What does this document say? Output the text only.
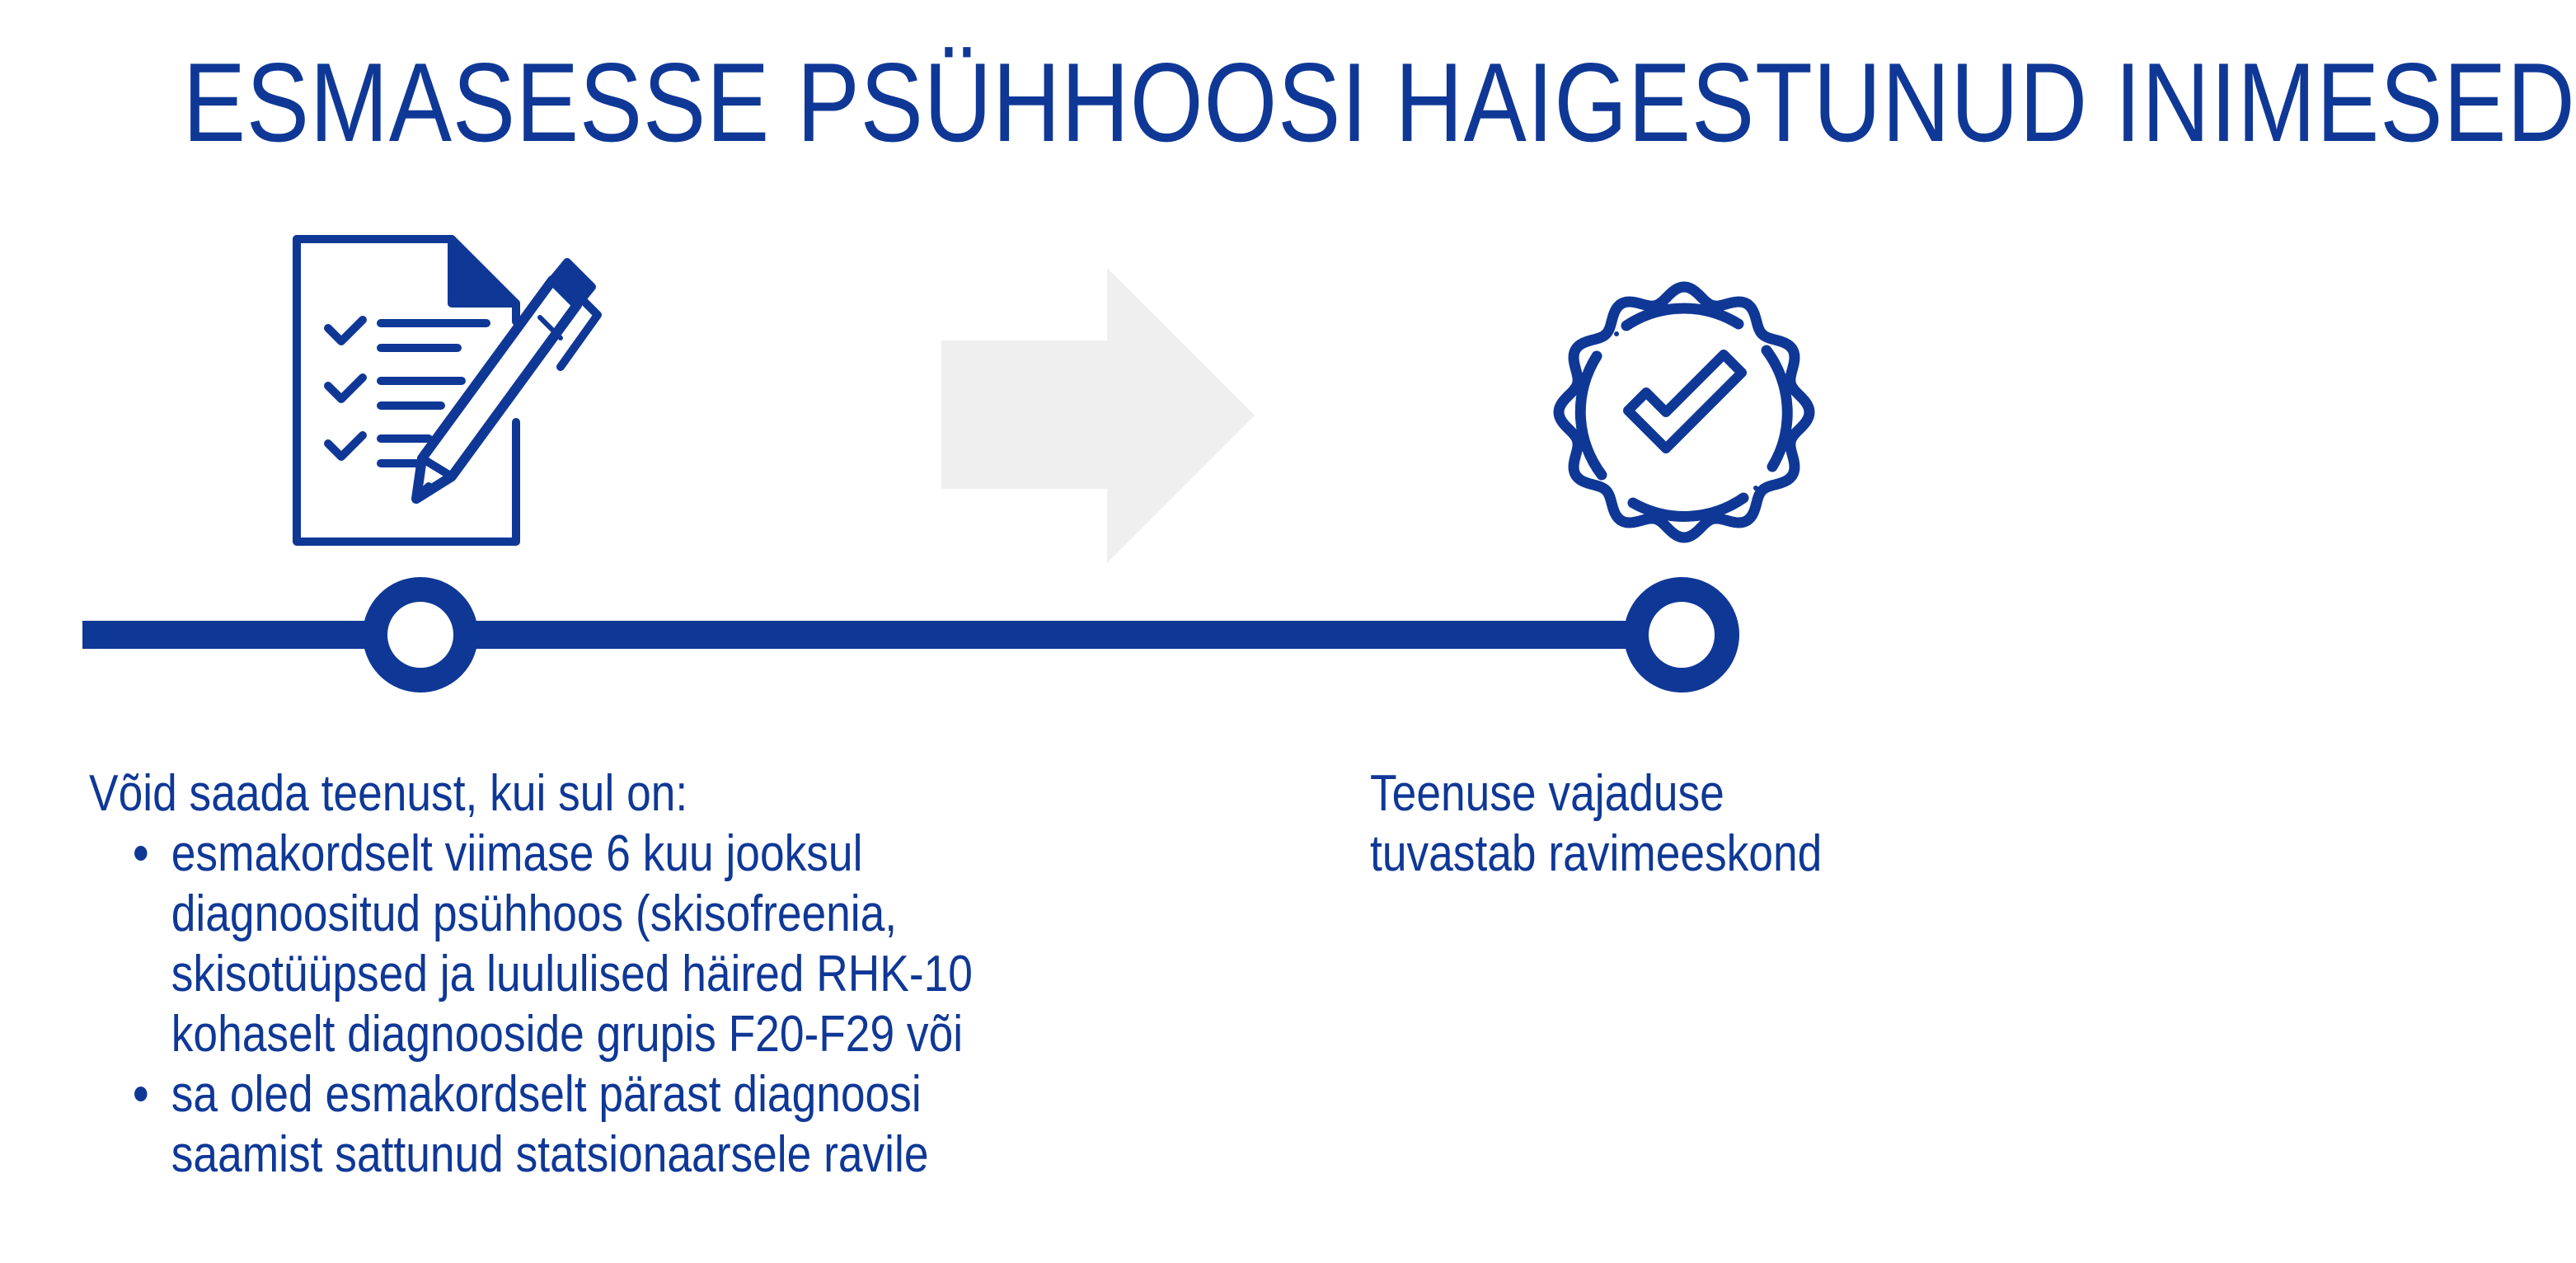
ESMASESSE PSÜHHOOSI HAIGESTUNUD INIMESED

Võid saada teenust, kui sul on:

esmakordselt viimase 6 kuu jooksul
diagnoositud psühhoos (skisofreenia,
skisotüüpsed ja luululised häired RHK-10
kohaselt diagnooside grupis F20-F29 või
sa oled esmakordselt pärast diagnoosi
saamist sattunud statsionaarsele ravile
Teenuse vajaduse
tuvastab ravimeeskond
